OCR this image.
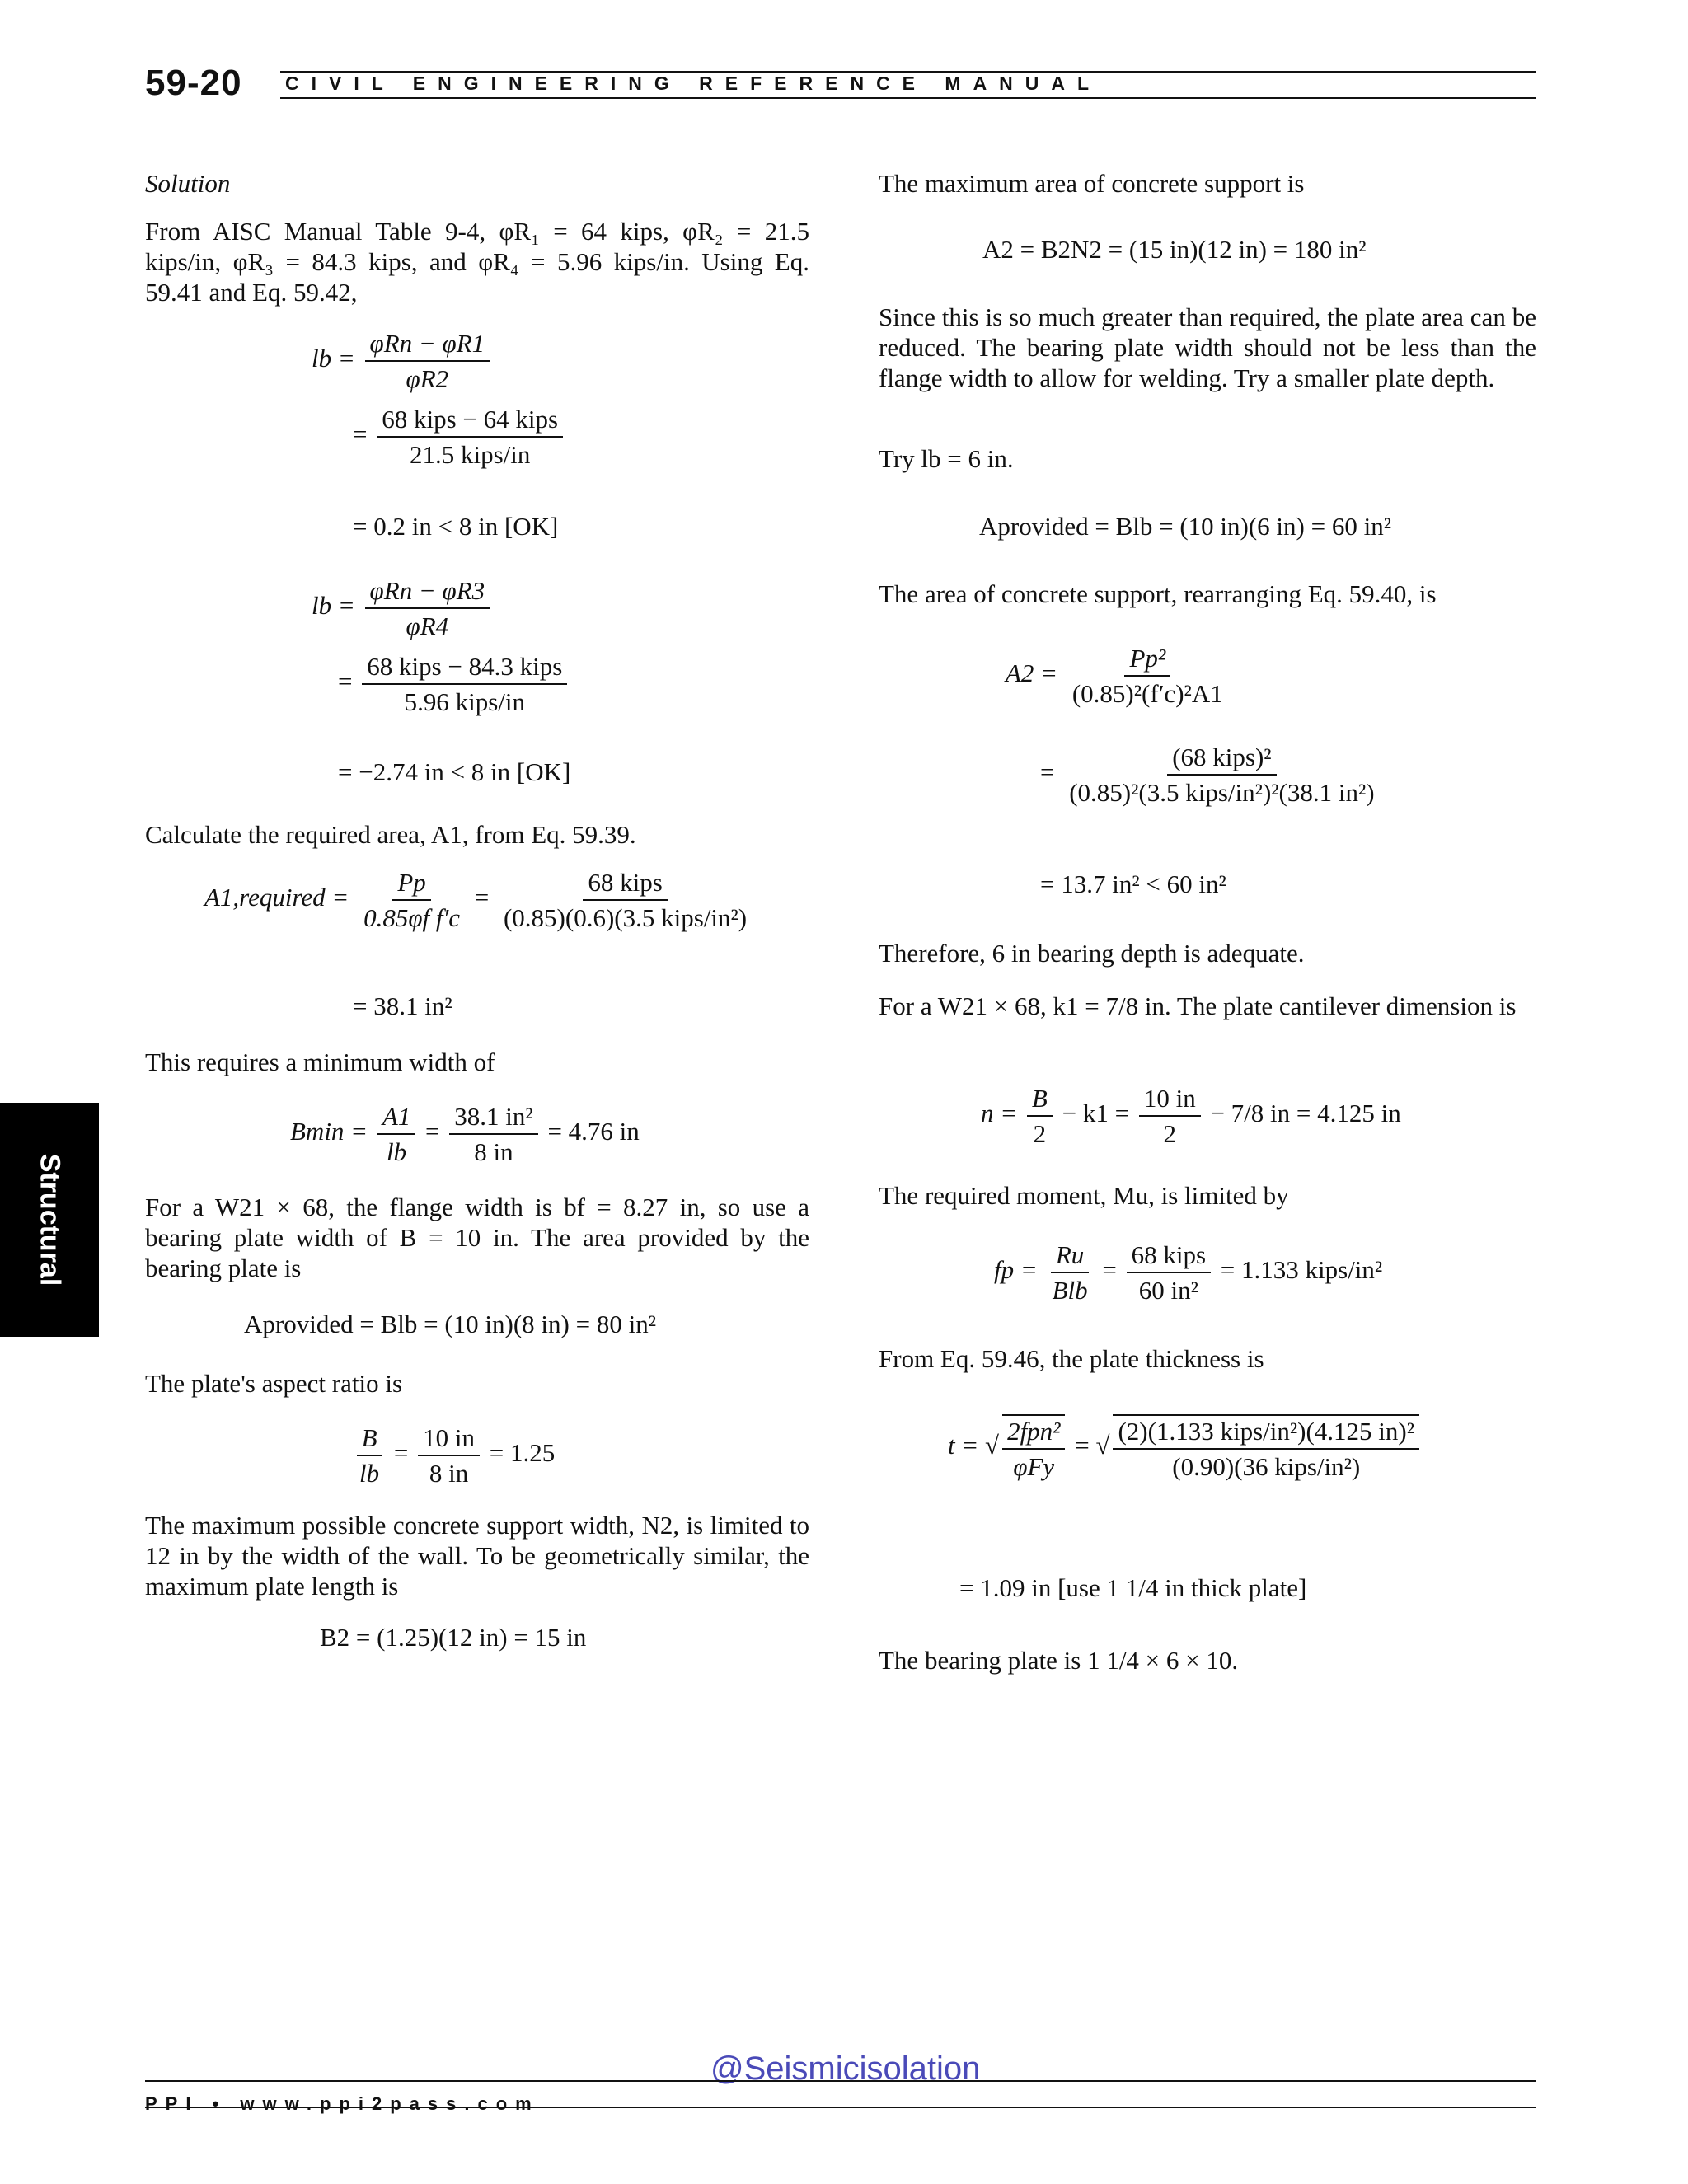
59-20 CIVIL ENGINEERING REFERENCE MANUAL
Structural
Solution
From AISC Manual Table 9-4, φR₁ = 64 kips, φR₂ = 21.5 kips/in, φR₃ = 84.3 kips, and φR₄ = 5.96 kips/in. Using Eq. 59.41 and Eq. 59.42,
lb = $\frac{\text{φRn − φR1}}{\varphi R2}$
= $\frac{\text{68 kips − 64 kips}}{\text{21.5 kips/in}}$
= 0.2 in < 8 in [OK]
lb = $\frac{\text{φRn − φR3}}{\varphi R4}$
= $\frac{\text{68 kips − 84.3 kips}}{\text{5.96 kips/in}}$
= −2.74 in < 8 in [OK]
Calculate the required area, A1, from Eq. 59.39.
A1,required = $\frac{Pp}{\text{0.85φf f′c}} = \frac{\text{68 kips}}{\text{(0.85)(0.6)(3.5 kips/in²)}}$
= 38.1 in²
This requires a minimum width of
$Bmin = \frac{A1}{lb} = \frac{\text{38.1 in²}}{8 in} = 4.76$ in
For a W21 × 68, the flange width is bf = 8.27 in, so use a bearing plate width of B = 10 in. The area provided by the bearing plate is
Aprovided = Blb = (10 in)(8 in) = 80 in²
The plate's aspect ratio is
$\frac{B}{lb} = \frac{10 in}{8 in} = 1.25$
The maximum possible concrete support width, N2, is limited to 12 in by the width of the wall. To be geometrically similar, the maximum plate length is
B2 = (1.25)(12 in) = 15 in
The maximum area of concrete support is
A2 = B2N2 = (15 in)(12 in) = 180 in²
Since this is so much greater than required, the plate area can be reduced. The bearing plate width should not be less than the flange width to allow for welding. Try a smaller plate depth.
Try lb = 6 in.
Aprovided = Blb = (10 in)(6 in) = 60 in²
The area of concrete support, rearranging Eq. 59.40, is
$A2 = \frac{\text{Pp²}}{\text{(0.85)²(f′c)²A1}}$
= $\frac{\text{(68 kips)²}}{\text{(0.85)²(3.5 kips/in²)²(38.1 in²)}}$
= 13.7 in² < 60 in²
Therefore, 6 in bearing depth is adequate.
For a W21 × 68, k1 = 7/8 in. The plate cantilever dimension is
$n = \frac{B}{2} - k1 = \frac{10 in}{2} - 7/8$ in = 4.125 in
The required moment, Mu, is limited by
fp = $\frac{Ru}{\text{Blb}} = \frac{\text{68 kips}}{\text{60 in²}} = 1.133$ kips/in²
From Eq. 59.46, the plate thickness is
t = √ $\frac{\text{2fpn²}}{\text{φFy}}$ = √ $\frac{\text{(2)(1.133 kips/in²)(4.125 in)²}}{\text{(0.90)(36 kips/in²)}}$
= 1.09 in [use 1 1/4 in thick plate]
The bearing plate is 1 1/4 × 6 × 10.
@Seismicisolation
PPI • www.ppi2pass.com
